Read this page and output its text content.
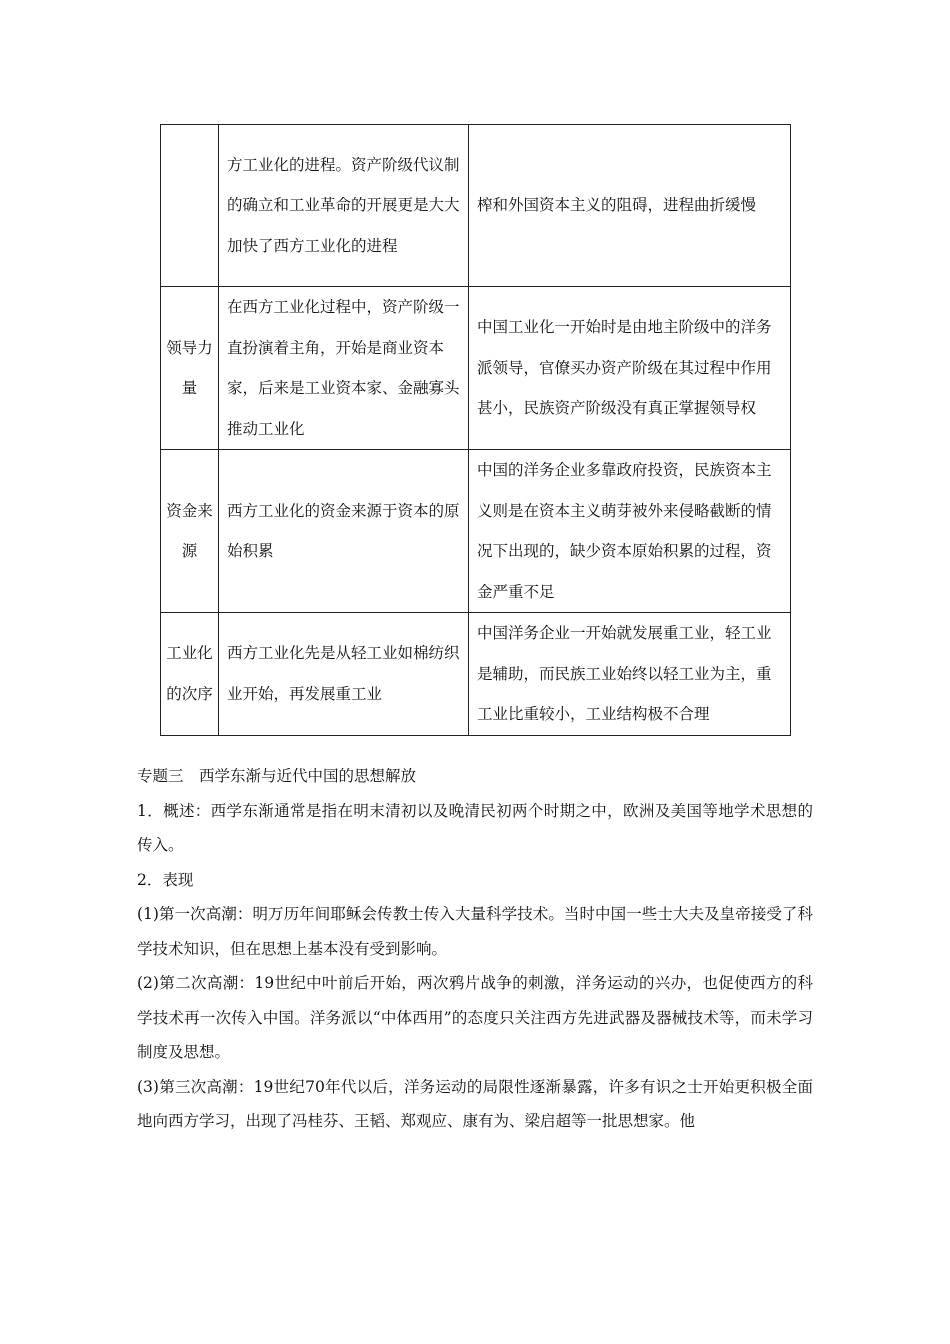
	方工业化的进程。资产阶级代议制的确立和工业革命的开展更是大大加快了西方工业化的进程	榨和外国资本主义的阻碍，进程曲折缓慢
领导力量	在西方工业化过程中，资产阶级一直扮演着主角，开始是商业资本家，后来是工业资本家、金融寡头推动工业化	中国工业化一开始时是由地主阶级中的洋务派领导，官僚买办资产阶级在其过程中作用甚小，民族资产阶级没有真正掌握领导权
资金来源	西方工业化的资金来源于资本的原始积累	中国的洋务企业多靠政府投资，民族资本主义则是在资本主义萌芽被外来侵略截断的情况下出现的，缺少资本原始积累的过程，资金严重不足
工业化的次序	西方工业化先是从轻工业如棉纺织业开始，再发展重工业	中国洋务企业一开始就发展重工业，轻工业是辅助，而民族工业始终以轻工业为主，重工业比重较小，工业结构极不合理

专题三　西学东渐与近代中国的思想解放

1．概述：西学东渐通常是指在明末清初以及晚清民初两个时期之中，欧洲及美国等地学术思想的传入。

2．表现

(1)第一次高潮：明万历年间耶稣会传教士传入大量科学技术。当时中国一些士大夫及皇帝接受了科学技术知识，但在思想上基本没有受到影响。

(2)第二次高潮：19世纪中叶前后开始，两次鸦片战争的刺激，洋务运动的兴办，也促使西方的科学技术再一次传入中国。洋务派以“中体西用”的态度只关注西方先进武器及器械技术等，而未学习制度及思想。

(3)第三次高潮：19世纪70年代以后，洋务运动的局限性逐渐暴露，许多有识之士开始更积极全面地向西方学习，出现了冯桂芬、王韬、郑观应、康有为、梁启超等一批思想家。他
